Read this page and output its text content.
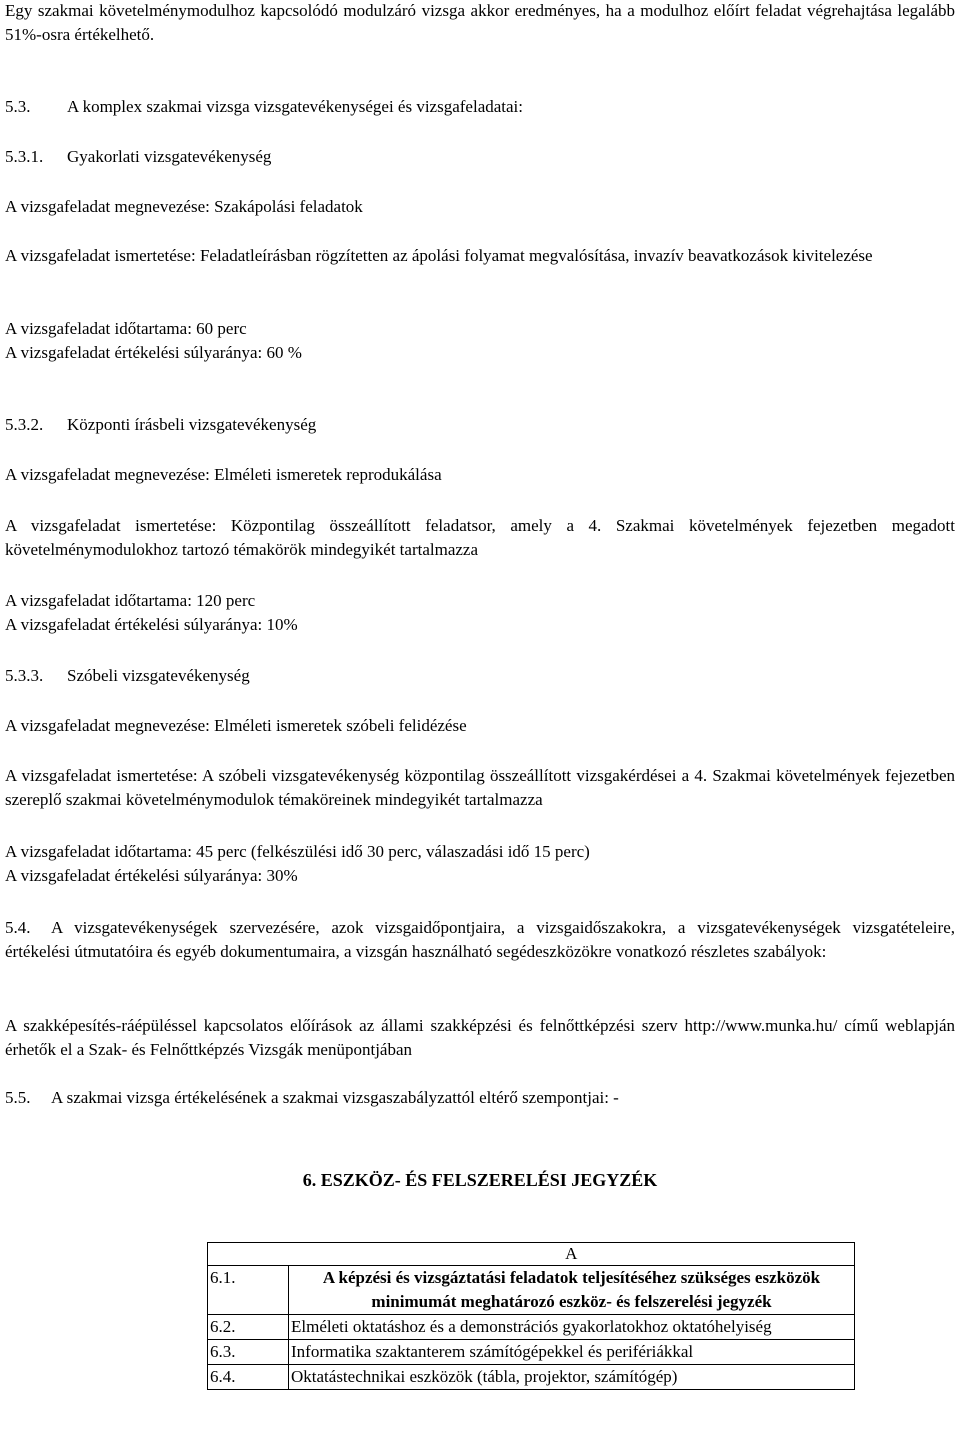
Egy szakmai követelménymodulhoz kapcsolódó modulzáró vizsga akkor eredményes, ha a modulhoz előírt feladat végrehajtása legalább 51%-osra értékelhető.

5.3. A komplex szakmai vizsga vizsgatevékenységei és vizsgafeladatai:

5.3.1. Gyakorlati vizsgatevékenység

A vizsgafeladat megnevezése: Szakápolási feladatok

A vizsgafeladat ismertetése: Feladatleírásban rögzítetten az ápolási folyamat megvalósítása, invazív beavatkozások kivitelezése

A vizsgafeladat időtartama: 60 perc

A vizsgafeladat értékelési súlyaránya: 60 %

5.3.2. Központi írásbeli vizsgatevékenység

A vizsgafeladat megnevezése: Elméleti ismeretek reprodukálása

A vizsgafeladat ismertetése: Központilag összeállított feladatsor, amely a 4. Szakmai követelmények fejezetben megadott követelménymodulokhoz tartozó témakörök mindegyikét tartalmazza

A vizsgafeladat időtartama: 120 perc

A vizsgafeladat értékelési súlyaránya: 10%

5.3.3. Szóbeli vizsgatevékenység

A vizsgafeladat megnevezése: Elméleti ismeretek szóbeli felidézése

A vizsgafeladat ismertetése: A szóbeli vizsgatevékenység központilag összeállított vizsgakérdései a 4. Szakmai követelmények fejezetben szereplő szakmai követelménymodulok témaköreinek mindegyikét tartalmazza

A vizsgafeladat időtartama: 45 perc (felkészülési idő 30 perc, válaszadási idő 15 perc)

A vizsgafeladat értékelési súlyaránya: 30%

5.4. A vizsgatevékenységek szervezésére, azok vizsgaidőpontjaira, a vizsgaidőszakokra, a vizsgatevékenységek vizsgatételeire, értékelési útmutatóira és egyéb dokumentumaira, a vizsgán használható segédeszközökre vonatkozó részletes szabályok:

A szakképesítés-ráépüléssel kapcsolatos előírások az állami szakképzési és felnőttképzési szerv http://www.munka.hu/ című weblapján érhetők el a Szak- és Felnőttképzés Vizsgák menüpontjában

5.5. A szakmai vizsga értékelésének a szakmai vizsgaszabályzattól eltérő szempontjai: -

6. ESZKÖZ- ÉS FELSZERELÉSI JEGYZÉK
	A
6.1.	A képzési és vizsgáztatási feladatok teljesítéséhez szükséges eszközök minimumát meghatározó eszköz- és felszerelési jegyzék
6.2.	Elméleti oktatáshoz és a demonstrációs gyakorlatokhoz oktatóhelyiség
6.3.	Informatika szaktanterem számítógépekkel és perifériákkal
6.4.	Oktatástechnikai eszközök (tábla, projektor, számítógép)
